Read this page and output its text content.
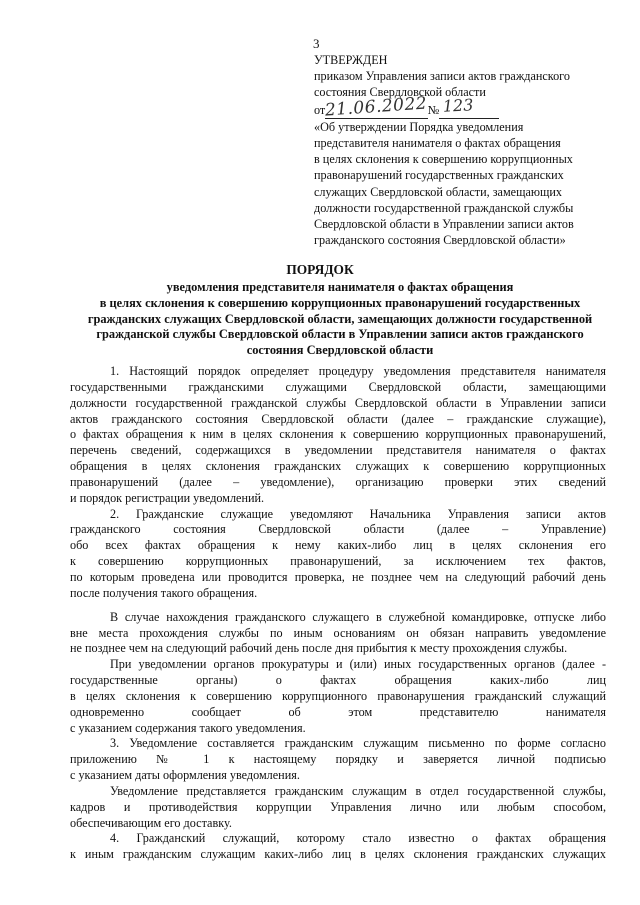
3
УТВЕРЖДЕН
приказом Управления записи актов гражданского
состояния Свердловской области
от21.06.2022№ 123
«Об утверждении Порядка уведомления
представителя нанимателя о фактах обращения
в целях склонения к совершению коррупционных
правонарушений государственных гражданских
служащих Свердловской области, замещающих
должности государственной гражданской службы
Свердловской области в Управлении записи актов
гражданского состояния Свердловской области»
ПОРЯДОК
уведомления представителя нанимателя о фактах обращения
в целях склонения к совершению коррупционных правонарушений государственных
гражданских служащих Свердловской области, замещающих должности государственной
гражданской службы Свердловской области в Управлении записи актов гражданского
состояния Свердловской области
1. Настоящий порядок определяет процедуру уведомления представителя нанимателя
государственными гражданскими служащими Свердловской области, замещающими
должности государственной гражданской службы Свердловской области в Управлении записи
актов гражданского состояния Свердловской области (далее – гражданские служащие),
о фактах обращения к ним в целях склонения к совершению коррупционных правонарушений,
перечень сведений, содержащихся в уведомлении представителя нанимателя о фактах
обращения в целях склонения гражданских служащих к совершению коррупционных
правонарушений (далее – уведомление), организацию проверки этих сведений
и порядок регистрации уведомлений.
2. Гражданские служащие уведомляют Начальника Управления записи актов
гражданского состояния Свердловской области (далее – Управление)
обо всех фактах обращения к нему каких-либо лиц в целях склонения его
к совершению коррупционных правонарушений, за исключением тех фактов,
по которым проведена или проводится проверка, не позднее чем на следующий рабочий день
после получения такого обращения.
В случае нахождения гражданского служащего в служебной командировке, отпуске либо
вне места прохождения службы по иным основаниям он обязан направить уведомление
не позднее чем на следующий рабочий день после дня прибытия к месту прохождения службы.
При уведомлении органов прокуратуры и (или) иных государственных органов (далее -
государственные органы) о фактах обращения каких-либо лиц
в целях склонения к совершению коррупционного правонарушения гражданский служащий
одновременно сообщает об этом представителю нанимателя
с указанием содержания такого уведомления.
3. Уведомление составляется гражданским служащим письменно по форме согласно
приложению № 1 к настоящему порядку и заверяется личной подписью
с указанием даты оформления уведомления.
Уведомление представляется гражданским служащим в отдел государственной службы,
кадров и противодействия коррупции Управления лично или любым способом,
обеспечивающим его доставку.
4. Гражданский служащий, которому стало известно о фактах обращения
к иным гражданским служащим каких-либо лиц в целях склонения гражданских служащих
